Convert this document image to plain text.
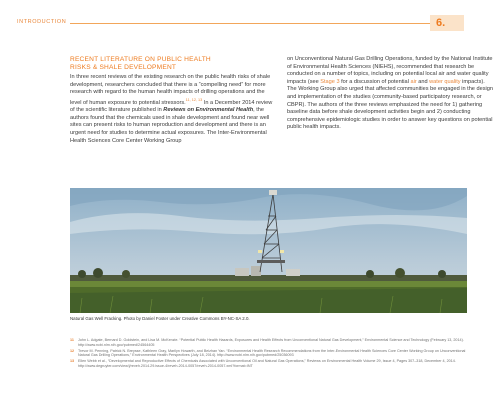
INTRODUCTION	6.
RECENT LITERATURE ON PUBLIC HEALTH
RISKS & SHALE DEVELOPMENT

In three recent reviews of the existing research on the public health risks of shale development, researchers concluded that there is a “compelling need” for more research with regard to the human health impacts of drilling operations and the level of human exposure to potential stressors.$^{11, 12, 13}$ In a December 2014 review of the scientific literature published in Reviews on Environmental Health, the authors found that the chemicals used in shale development and found near well sites can present risks to human reproduction and development and there is an urgent need for studies to determine actual exposures. The Inter-Environmental Health Sciences Core Center Working Group

on Unconventional Natural Gas Drilling Operations, funded by the National Institute of Environmental Health Sciences (NIEHS), recommended that research be conducted on a number of topics, including on potential local air and water quality impacts (see Stage 3 for a discussion of potential air and water quality impacts). The Working Group also urged that affected communities be engaged in the design and implementation of the studies (community-based participatory research, or CBPR). The authors of the three reviews emphasized the need for 1) gathering baseline data before shale development activities begin and 2) conducting comprehensive epidemiologic studies in order to answer key questions on potential public health impacts.

Natural Gas Well Fracking. Photo by Daniel Foster under Creative Commons BY-NC-SA 2.0.
11 John L. Adgate, Bernard D. Goldstein, and Lisa M. McKenzie. “Potential Public Health Hazards, Exposures and Health Effects from Unconventional Natural Gas Development,” Environmental Science and Technology (February 13, 2014). http://www.ncbi.nlm.nih.gov/pubmed/24564405
12 Trevor M. Penning, Patrick N. Breysse, Kathleen Gray, Marilyn Howarth, and Beizhan Yan. “Environmental Health Research Recommendations from the Inter-Environmental Health Sciences Core Center Working Group on Unconventional Natural Gas Drilling Operations,” Environmental Health Perspectives (July 18, 2014). http://www.ncbi.nlm.nih.gov/pubmed/25036093
13 Ellen Webb et al., “Developmental and Reproductive Effects of Chemicals Associated with Unconventional Oil and Natural Gas Operations,” Reviews on Environmental Health Volume 29, Issue 4, Pages 307–318, December 4, 2014. http://www.degruyter.com/view/j/reveh.2014.29.issue-4/reveh-2014-0057/reveh-2014-0057.xml?format=INT
